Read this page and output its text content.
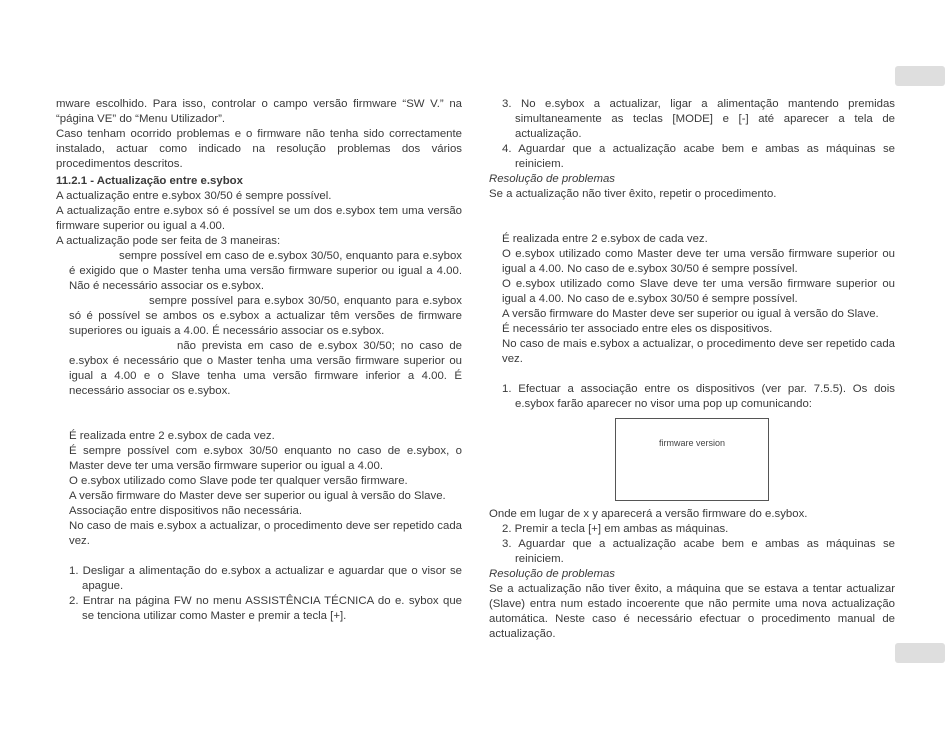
mware escolhido. Para isso, controlar o campo versão firmware “SW V.” na “página VE” do “Menu Utilizador”.

Caso tenham ocorrido problemas e o firmware não tenha sido correctamente instalado, actuar como indicado na resolução problemas dos vários procedimentos descritos.

11.2.1 - Actualização entre e.sybox

A actualização entre e.sybox 30/50 é sempre possível.

A actualização entre e.sybox só é possível se um dos e.sybox tem uma versão firmware superior ou igual a 4.00.

A actualização pode ser feita de 3 maneiras:

sempre possível em caso de e.sybox 30/50, enquanto para e.sybox é exigido que o Master tenha uma versão firmware superior ou igual a 4.00. Não é necessário associar os e.sybox.

sempre possível para e.sybox 30/50, enquanto para e.sybox só é possível se ambos os e.sybox a actualizar têm versões de firmware superiores ou iguais a 4.00. É necessário associar os e.sybox.

não prevista em caso de e.sybox 30/50; no caso de e.sybox é necessário que o Master tenha uma versão firmware superior ou igual a 4.00 e o Slave tenha uma versão firmware inferior a 4.00. É necessário associar os e.sybox.

É realizada entre 2 e.sybox de cada vez.

É sempre possível com e.sybox 30/50 enquanto no caso de e.sybox, o Master deve ter uma versão firmware superior ou igual a 4.00.

O e.sybox utilizado como Slave pode ter qualquer versão firmware.

A versão firmware do Master deve ser superior ou igual à versão do Slave.

Associação entre dispositivos não necessária.

No caso de mais e.sybox a actualizar, o procedimento deve ser repetido cada vez.

1. Desligar a alimentação do e.sybox a actualizar e aguardar que o visor se apague.

2. Entrar na página FW no menu ASSISTÊNCIA TÉCNICA do e. sybox que se tenciona utilizar como Master e premir a tecla [+].

3. No e.sybox a actualizar, ligar a alimentação mantendo premidas simultaneamente as teclas [MODE] e [-] até aparecer a tela de actualização.

4. Aguardar que a actualização acabe bem e ambas as máquinas se reiniciem.

Resolução de problemas

Se a actualização não tiver êxito, repetir o procedimento.

É realizada entre 2 e.sybox de cada vez.

O e.sybox utilizado como Master deve ter uma versão firmware superior ou igual a 4.00. No caso de e.sybox 30/50 é sempre possível.

O e.sybox utilizado como Slave deve ter uma versão firmware superior ou igual a 4.00. No caso de e.sybox 30/50 é sempre possível.

A versão firmware do Master deve ser superior ou igual à versão do Slave.

É necessário ter associado entre eles os dispositivos.

No caso de mais e.sybox a actualizar, o procedimento deve ser repetido cada vez.

1. Efectuar a associação entre os dispositivos (ver par. 7.5.5). Os dois e.sybox farão aparecer no visor uma pop up comunicando:

firmware version

Onde em lugar de x y aparecerá a versão firmware do e.sybox.

2. Premir a tecla [+] em ambas as máquinas.

3. Aguardar que a actualização acabe bem e ambas as máquinas se reiniciem.

Resolução de problemas

Se a actualização não tiver êxito, a máquina que se estava a tentar actualizar (Slave) entra num estado incoerente que não permite uma nova actualização automática. Neste caso é necessário efectuar o procedimento manual de actualização.
